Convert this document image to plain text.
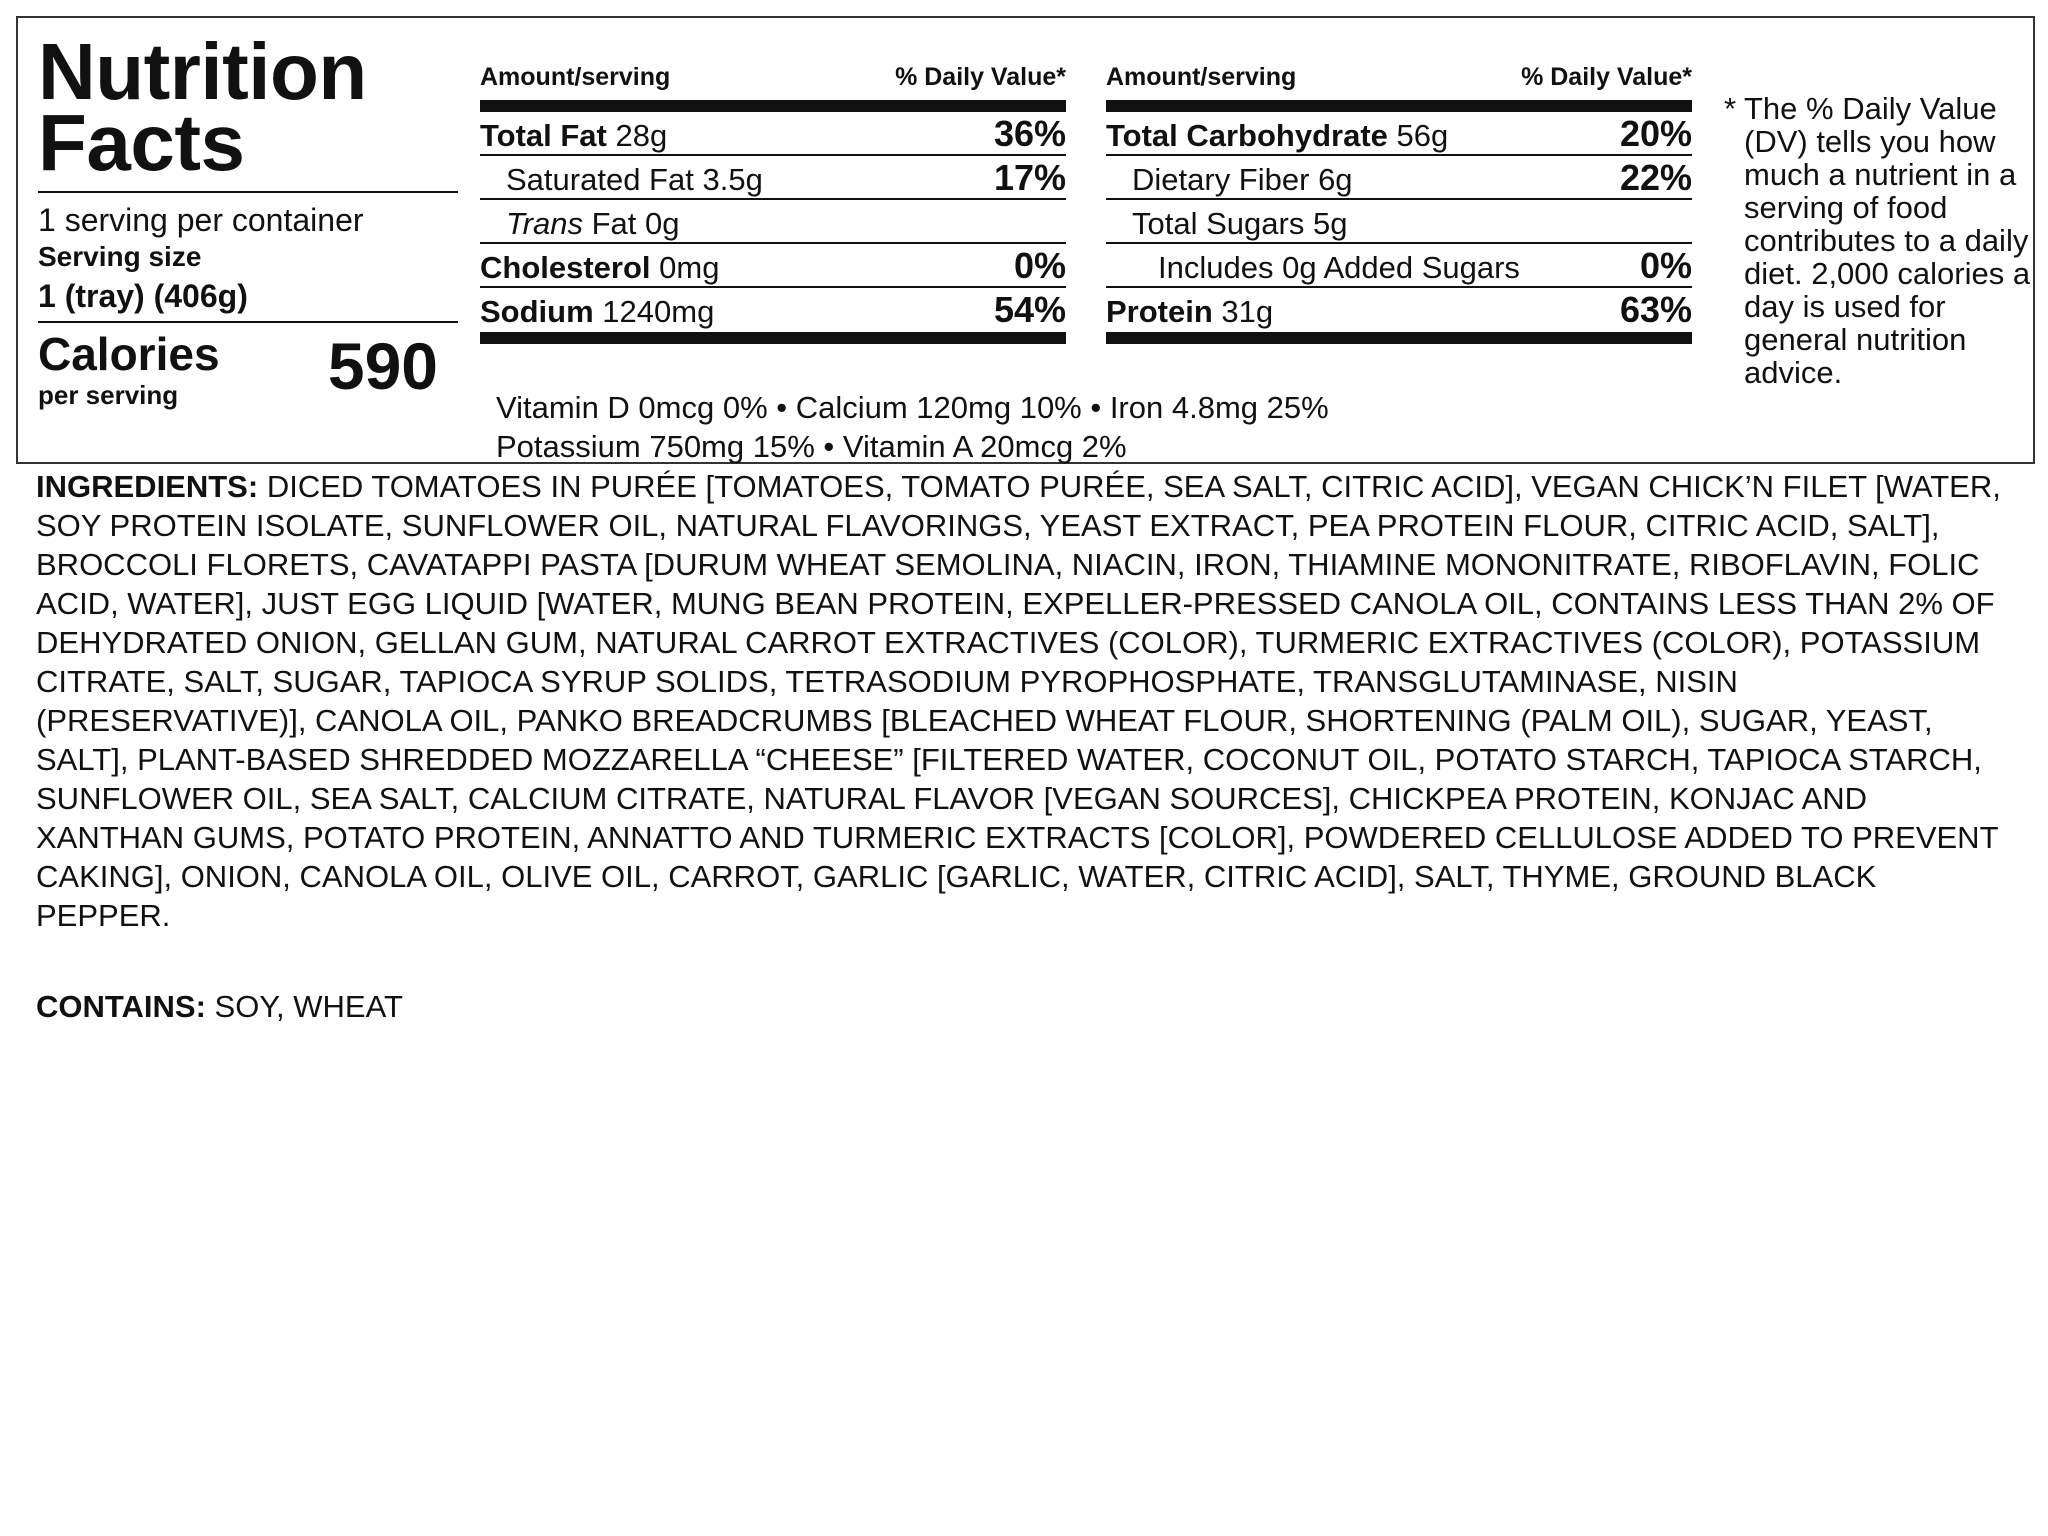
Nutrition
Facts
1 serving per container
Serving size
1 (tray) (406g)
Calories
per serving 590
Amount/serving	% Daily Value*
Total Fat 28g	36%
Saturated Fat 3.5g	17%
Trans Fat 0g
Cholesterol 0mg	0%
Sodium 1240mg	54%
Amount/serving	% Daily Value*
Total Carbohydrate 56g	20%
Dietary Fiber 6g	22%
Total Sugars 5g
Includes 0g Added Sugars	0%
Protein 31g	63%
Vitamin D 0mcg 0% • Calcium 120mg 10% • Iron 4.8mg 25%
Potassium 750mg 15% • Vitamin A 20mcg 2%
* The % Daily Value (DV) tells you how much a nutrient in a serving of food contributes to a daily diet. 2,000 calories a day is used for general nutrition advice.

INGREDIENTS: DICED TOMATOES IN PURÉE [TOMATOES, TOMATO PURÉE, SEA SALT, CITRIC ACID], VEGAN CHICK’N FILET [WATER, SOY PROTEIN ISOLATE, SUNFLOWER OIL, NATURAL FLAVORINGS, YEAST EXTRACT, PEA PROTEIN FLOUR, CITRIC ACID, SALT], BROCCOLI FLORETS, CAVATAPPI PASTA [DURUM WHEAT SEMOLINA, NIACIN, IRON, THIAMINE MONONITRATE, RIBOFLAVIN, FOLIC ACID, WATER], JUST EGG LIQUID [WATER, MUNG BEAN PROTEIN, EXPELLER-PRESSED CANOLA OIL, CONTAINS LESS THAN 2% OF DEHYDRATED ONION, GELLAN GUM, NATURAL CARROT EXTRACTIVES (COLOR), TURMERIC EXTRACTIVES (COLOR), POTASSIUM CITRATE, SALT, SUGAR, TAPIOCA SYRUP SOLIDS, TETRASODIUM PYROPHOSPHATE, TRANSGLUTAMINASE, NISIN (PRESERVATIVE)], CANOLA OIL, PANKO BREADCRUMBS [BLEACHED WHEAT FLOUR, SHORTENING (PALM OIL), SUGAR, YEAST, SALT], PLANT-BASED SHREDDED MOZZARELLA “CHEESE” [FILTERED WATER, COCONUT OIL, POTATO STARCH, TAPIOCA STARCH, SUNFLOWER OIL, SEA SALT, CALCIUM CITRATE, NATURAL FLAVOR [VEGAN SOURCES], CHICKPEA PROTEIN, KONJAC AND XANTHAN GUMS, POTATO PROTEIN, ANNATTO AND TURMERIC EXTRACTS [COLOR], POWDERED CELLULOSE ADDED TO PREVENT CAKING], ONION, CANOLA OIL, OLIVE OIL, CARROT, GARLIC [GARLIC, WATER, CITRIC ACID], SALT, THYME, GROUND BLACK PEPPER.

CONTAINS: SOY, WHEAT
